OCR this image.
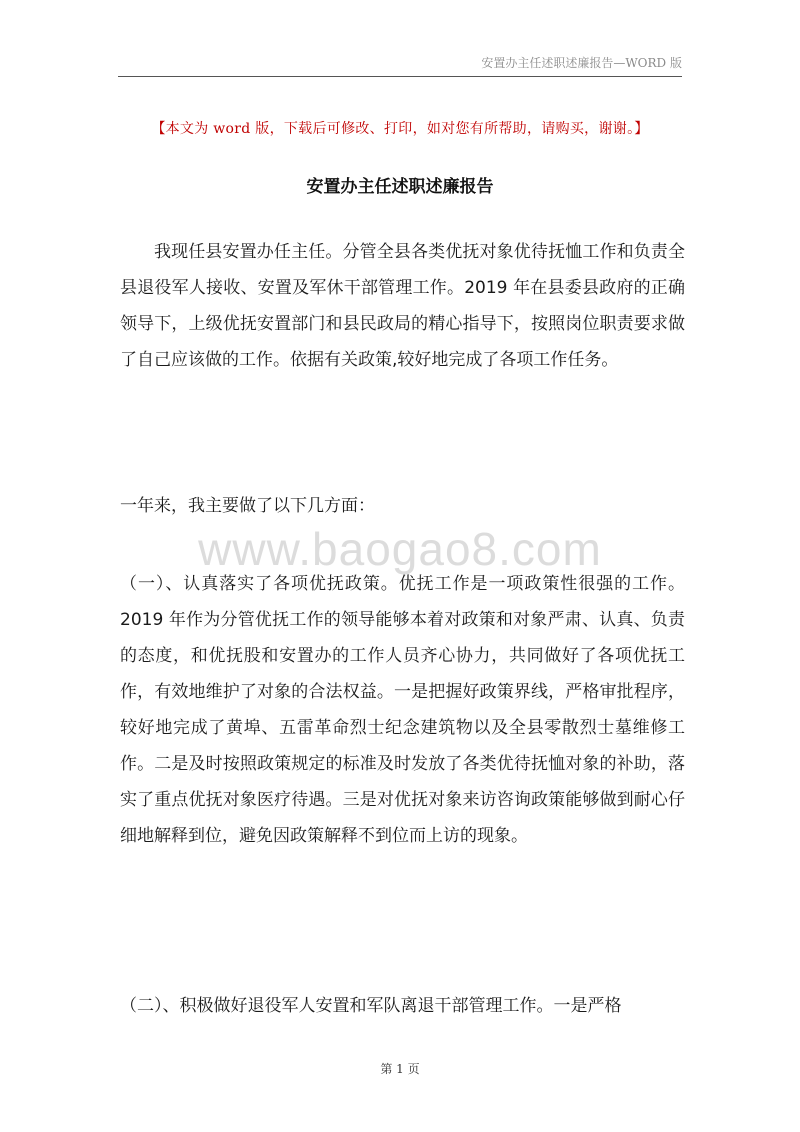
安置办主任述职述廉报告—WORD 版
【本文为 word 版，下载后可修改、打印，如对您有所帮助，请购买，谢谢。】
安置办主任述职述廉报告
我现任县安置办任主任。分管全县各类优抚对象优待抚恤工作和负责全县退役军人接收、安置及军休干部管理工作。2019 年在县委县政府的正确领导下，上级优抚安置部门和县民政局的精心指导下，按照岗位职责要求做了自己应该做的工作。依据有关政策,较好地完成了各项工作任务。
一年来，我主要做了以下几方面：
（一）、认真落实了各项优抚政策。优抚工作是一项政策性很强的工作。2019 年作为分管优抚工作的领导能够本着对政策和对象严肃、认真、负责的态度，和优抚股和安置办的工作人员齐心协力，共同做好了各项优抚工作，有效地维护了对象的合法权益。一是把握好政策界线，严格审批程序，较好地完成了黄埠、五雷革命烈士纪念建筑物以及全县零散烈士墓维修工作。二是及时按照政策规定的标准及时发放了各类优待抚恤对象的补助，落实了重点优抚对象医疗待遇。三是对优抚对象来访咨询政策能够做到耐心仔细地解释到位，避免因政策解释不到位而上访的现象。
（二）、积极做好退役军人安置和军队离退干部管理工作。一是严格
www.baogao8.com
第 1 页
